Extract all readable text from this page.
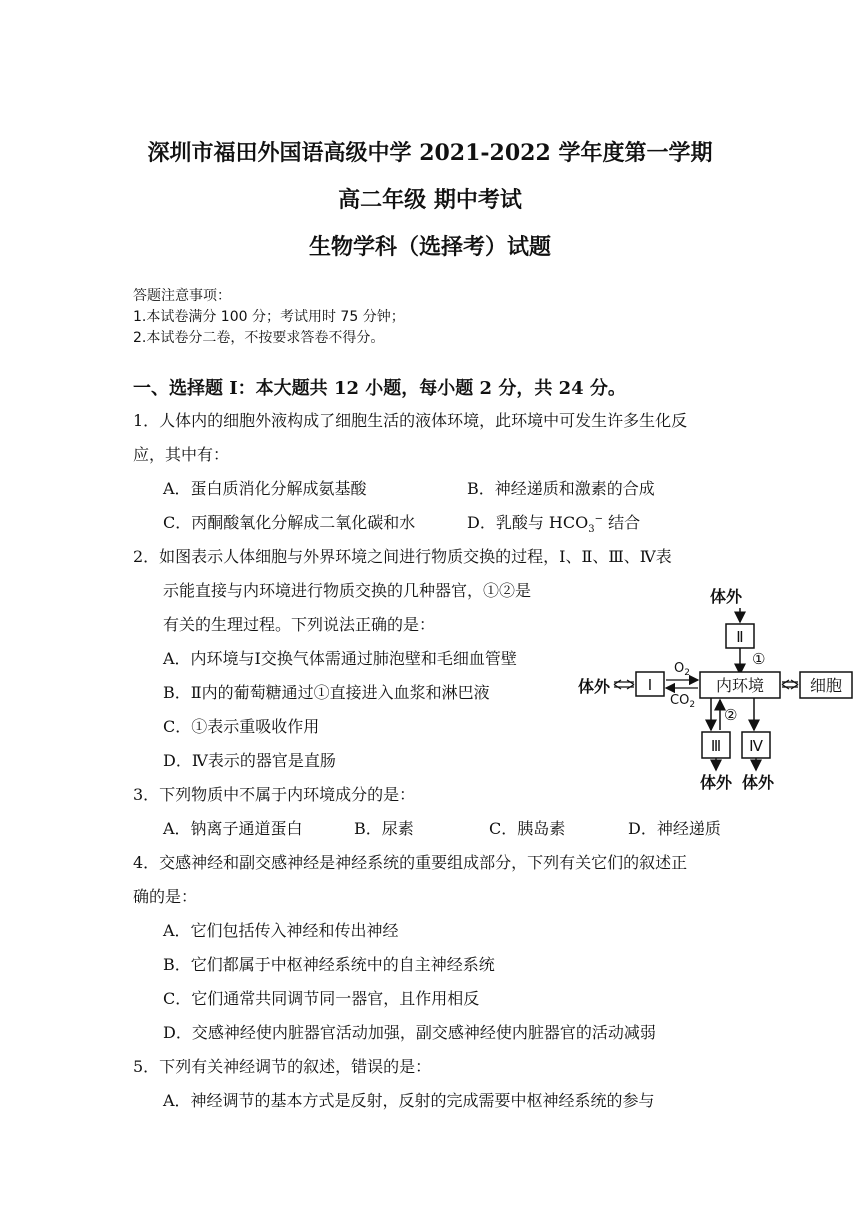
深圳市福田外国语高级中学 2021-2022 学年度第一学期
高二年级 期中考试
生物学科（选择考）试题
答题注意事项：
1.本试卷满分 100 分；考试用时 75 分钟；
2.本试卷分二卷，不按要求答卷不得分。
一、选择题 I：本大题共 12 小题，每小题 2 分，共 24 分。
1．人体内的细胞外液构成了细胞生活的液体环境，此环境中可发生许多生化反
应，其中有：
A．蛋白质消化分解成氨基酸	B．神经递质和激素的合成
C．丙酮酸氧化分解成二氧化碳和水	D．乳酸与 $HCO_3^-$ 结合
2．如图表示人体细胞与外界环境之间进行物质交换的过程，Ⅰ、Ⅱ、Ⅲ、Ⅳ表
示能直接与内环境进行物质交换的几种器官，①②是
有关的生理过程。下列说法正确的是：
A．内环境与Ⅰ交换气体需通过肺泡壁和毛细血管壁
B．Ⅱ内的葡萄糖通过①直接进入血浆和淋巴液
C．①表示重吸收作用
D．Ⅳ表示的器官是直肠
体外
Ⅱ
①
体外	Ⅰ
$O_2$
$CO_2$
内环境	细胞
②
Ⅲ Ⅳ
体外 体外
3．下列物质中不属于内环境成分的是：
A．钠离子通道蛋白	B．尿素	C．胰岛素	D．神经递质
4．交感神经和副交感神经是神经系统的重要组成部分，下列有关它们的叙述正
确的是：
A．它们包括传入神经和传出神经
B．它们都属于中枢神经系统中的自主神经系统
C．它们通常共同调节同一器官，且作用相反
D．交感神经使内脏器官活动加强，副交感神经使内脏器官的活动减弱
5．下列有关神经调节的叙述，错误的是：
A．神经调节的基本方式是反射，反射的完成需要中枢神经系统的参与
